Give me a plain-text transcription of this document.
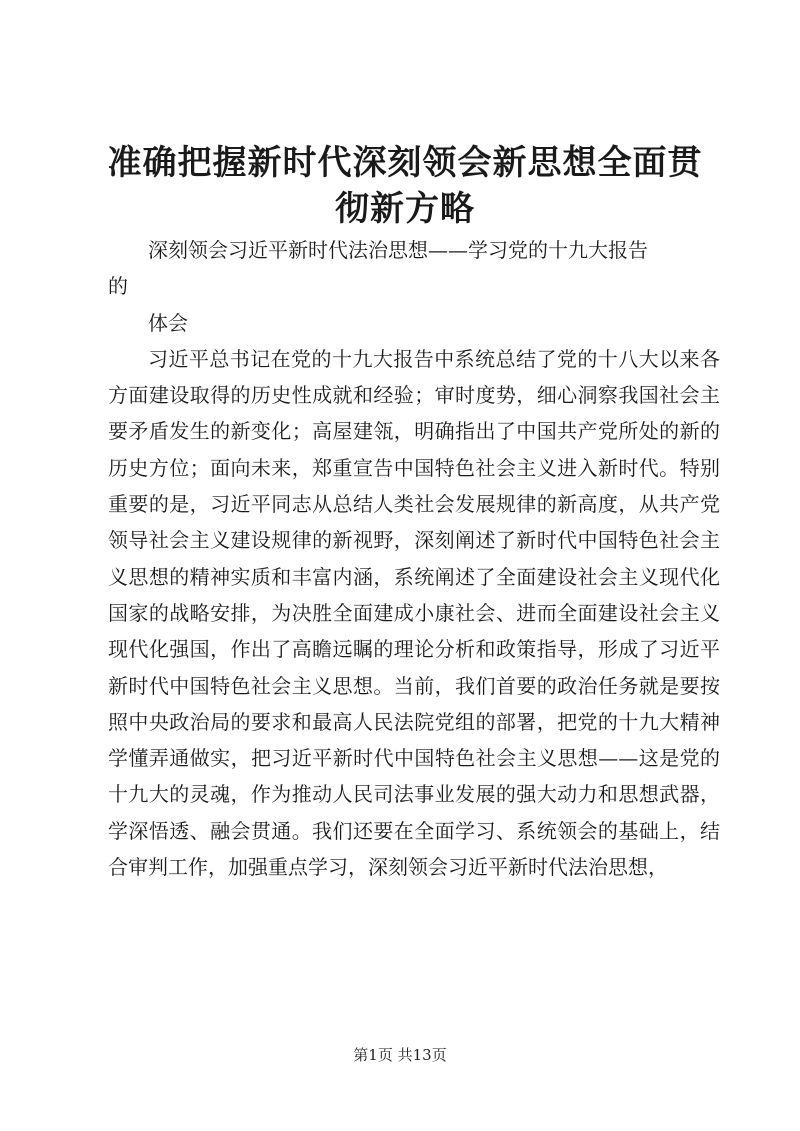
准确把握新时代深刻领会新思想全面贯彻新方略

深刻领会习近平新时代法治思想——学习党的十九大报告

的

体会

习近平总书记在党的十九大报告中系统总结了党的十八大以来各方面建设取得的历史性成就和经验；审时度势，细心洞察我国社会主要矛盾发生的新变化；高屋建瓴，明确指出了中国共产党所处的新的历史方位；面向未来，郑重宣告中国特色社会主义进入新时代。特别重要的是，习近平同志从总结人类社会发展规律的新高度，从共产党领导社会主义建设规律的新视野，深刻阐述了新时代中国特色社会主义思想的精神实质和丰富内涵，系统阐述了全面建设社会主义现代化国家的战略安排，为决胜全面建成小康社会、进而全面建设社会主义现代化强国，作出了高瞻远瞩的理论分析和政策指导，形成了习近平新时代中国特色社会主义思想。当前，我们首要的政治任务就是要按照中央政治局的要求和最高人民法院党组的部署，把党的十九大精神学懂弄通做实，把习近平新时代中国特色社会主义思想——这是党的十九大的灵魂，作为推动人民司法事业发展的强大动力和思想武器，学深悟透、融会贯通。我们还要在全面学习、系统领会的基础上，结合审判工作，加强重点学习，深刻领会习近平新时代法治思想，

第1页 共13页
